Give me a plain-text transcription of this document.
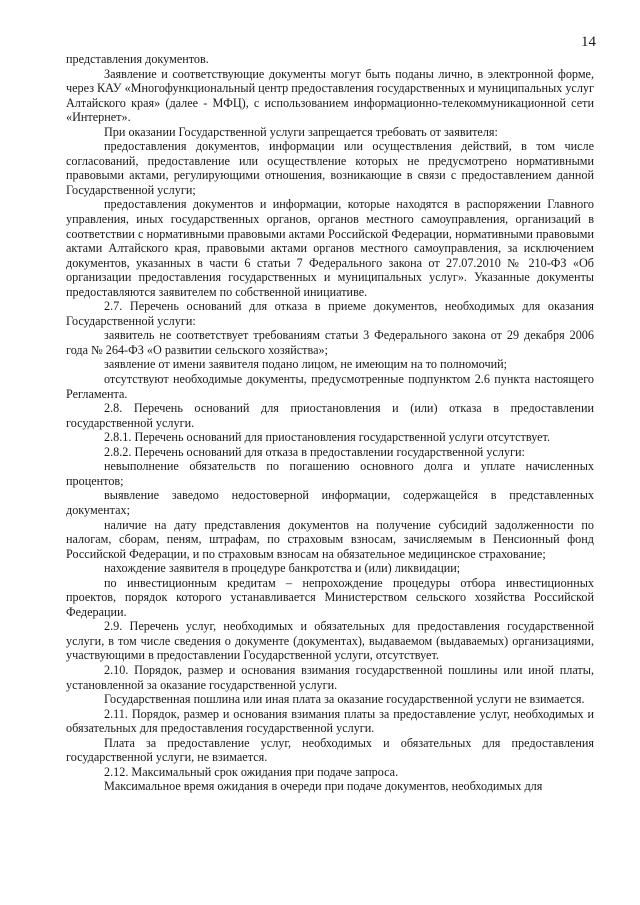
14

представления документов.

Заявление и соответствующие документы могут быть поданы лично, в электронной форме, через КАУ «Многофункциональный центр предоставления государственных и муниципальных услуг Алтайского края» (далее - МФЦ), с использованием информационно-телекоммуникационной сети «Интернет».

При оказании Государственной услуги запрещается требовать от заявителя:

предоставления документов, информации или осуществления действий, в том числе согласований, предоставление или осуществление которых не предусмотрено нормативными правовыми актами, регулирующими отношения, возникающие в связи с предоставлением данной Государственной услуги;

предоставления документов и информации, которые находятся в распоряжении Главного управления, иных государственных органов, органов местного самоуправления, организаций в соответствии с нормативными правовыми актами Российской Федерации, нормативными правовыми актами Алтайского края, правовыми актами органов местного самоуправления, за исключением документов, указанных в части 6 статьи 7 Федерального закона от 27.07.2010 № 210-ФЗ «Об организации предоставления государственных и муниципальных услуг». Указанные документы предоставляются заявителем по собственной инициативе.

2.7. Перечень оснований для отказа в приеме документов, необходимых для оказания Государственной услуги:

заявитель не соответствует требованиям статьи 3 Федерального закона от 29 декабря 2006 года № 264-ФЗ «О развитии сельского хозяйства»;

заявление от имени заявителя подано лицом, не имеющим на то полномочий;

отсутствуют необходимые документы, предусмотренные подпунктом 2.6 пункта настоящего Регламента.

2.8. Перечень оснований для приостановления и (или) отказа в предоставлении государственной услуги.

2.8.1. Перечень оснований для приостановления государственной услуги отсутствует.

2.8.2. Перечень оснований для отказа в предоставлении государственной услуги:

невыполнение обязательств по погашению основного долга и уплате начисленных процентов;

выявление заведомо недостоверной информации, содержащейся в представленных документах;

наличие на дату представления документов на получение субсидий задолженности по налогам, сборам, пеням, штрафам, по страховым взносам, зачисляемым в Пенсионный фонд Российской Федерации, и по страховым взносам на обязательное медицинское страхование;

нахождение заявителя в процедуре банкротства и (или) ликвидации;

по инвестиционным кредитам – непрохождение процедуры отбора инвестиционных проектов, порядок которого устанавливается Министерством сельского хозяйства Российской Федерации.

2.9. Перечень услуг, необходимых и обязательных для предоставления государственной услуги, в том числе сведения о документе (документах), выдаваемом (выдаваемых) организациями, участвующими в предоставлении Государственной услуги, отсутствует.

2.10. Порядок, размер и основания взимания государственной пошлины или иной платы, установленной за оказание государственной услуги.

Государственная пошлина или иная плата за оказание государственной услуги не взимается.

2.11. Порядок, размер и основания взимания платы за предоставление услуг, необходимых и обязательных для предоставления государственной услуги.

Плата за предоставление услуг, необходимых и обязательных для предоставления государственной услуги, не взимается.

2.12. Максимальный срок ожидания при подаче запроса.

Максимальное время ожидания в очереди при подаче документов, необходимых для
